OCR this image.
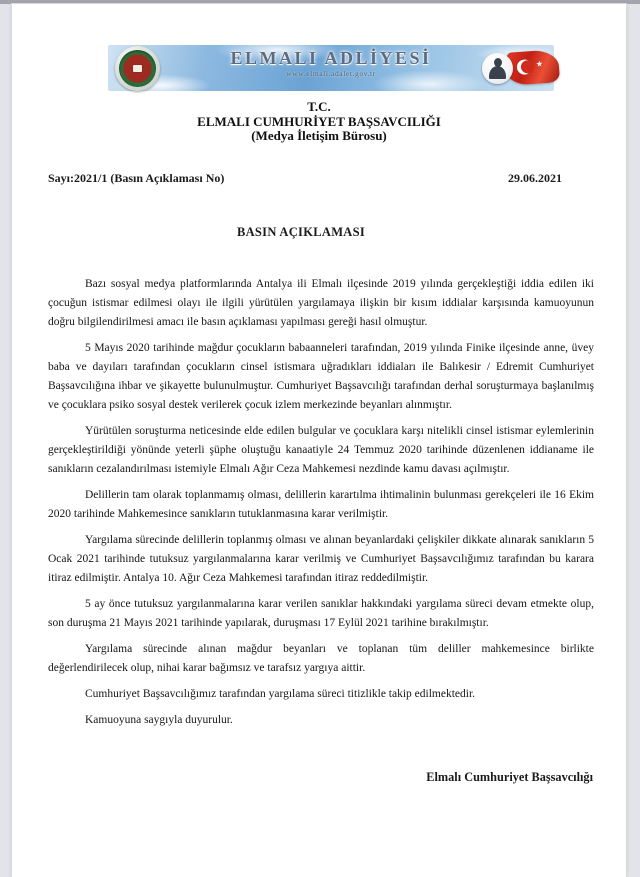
ELMALI ADLİYESİ
www.elmali.adalet.gov.tr
★
T.C.
ELMALI CUMHURİYET BAŞSAVCILIĞI
(Medya İletişim Bürosu)
Sayı:2021/1 (Basın Açıklaması No)	29.06.2021
BASIN AÇIKLAMASI

Bazı sosyal medya platformlarında Antalya ili Elmalı ilçesinde 2019 yılında gerçekleştiği iddia edilen iki çocuğun istismar edilmesi olayı ile ilgili yürütülen yargılamaya ilişkin bir kısım iddialar karşısında kamuoyunun doğru bilgilendirilmesi amacı ile basın açıklaması yapılması gereği hasıl olmuştur.

5 Mayıs 2020 tarihinde mağdur çocukların babaanneleri tarafından, 2019 yılında Finike ilçesinde anne, üvey baba ve dayıları tarafından çocukların cinsel istismara uğradıkları iddiaları ile Balıkesir / Edremit Cumhuriyet Başsavcılığına ihbar ve şikayette bulunulmuştur. Cumhuriyet Başsavcılığı tarafından derhal soruşturmaya başlanılmış ve çocuklara psiko sosyal destek verilerek çocuk izlem merkezinde beyanları alınmıştır.

Yürütülen soruşturma neticesinde elde edilen bulgular ve çocuklara karşı nitelikli cinsel istismar eylemlerinin gerçekleştirildiği yönünde yeterli şüphe oluştuğu kanaatiyle 24 Temmuz 2020 tarihinde düzenlenen iddianame ile sanıkların cezalandırılması istemiyle Elmalı Ağır Ceza Mahkemesi nezdinde kamu davası açılmıştır.

Delillerin tam olarak toplanmamış olması, delillerin karartılma ihtimalinin bulunması gerekçeleri ile 16 Ekim 2020 tarihinde Mahkemesince sanıkların tutuklanmasına karar verilmiştir.

Yargılama sürecinde delillerin toplanmış olması ve alınan beyanlardaki çelişkiler dikkate alınarak sanıkların 5 Ocak 2021 tarihinde tutuksuz yargılanmalarına karar verilmiş ve Cumhuriyet Başsavcılığımız tarafından bu karara itiraz edilmiştir. Antalya 10. Ağır Ceza Mahkemesi tarafından itiraz reddedilmiştir.

5 ay önce tutuksuz yargılanmalarına karar verilen sanıklar hakkındaki yargılama süreci devam etmekte olup, son duruşma 21 Mayıs 2021 tarihinde yapılarak, duruşması 17 Eylül 2021 tarihine bırakılmıştır.

Yargılama sürecinde alınan mağdur beyanları ve toplanan tüm deliller mahkemesince birlikte değerlendirilecek olup, nihai karar bağımsız ve tarafsız yargıya aittir.

Cumhuriyet Başsavcılığımız tarafından yargılama süreci titizlikle takip edilmektedir.

Kamuoyuna saygıyla duyurulur.

Elmalı Cumhuriyet Başsavcılığı
